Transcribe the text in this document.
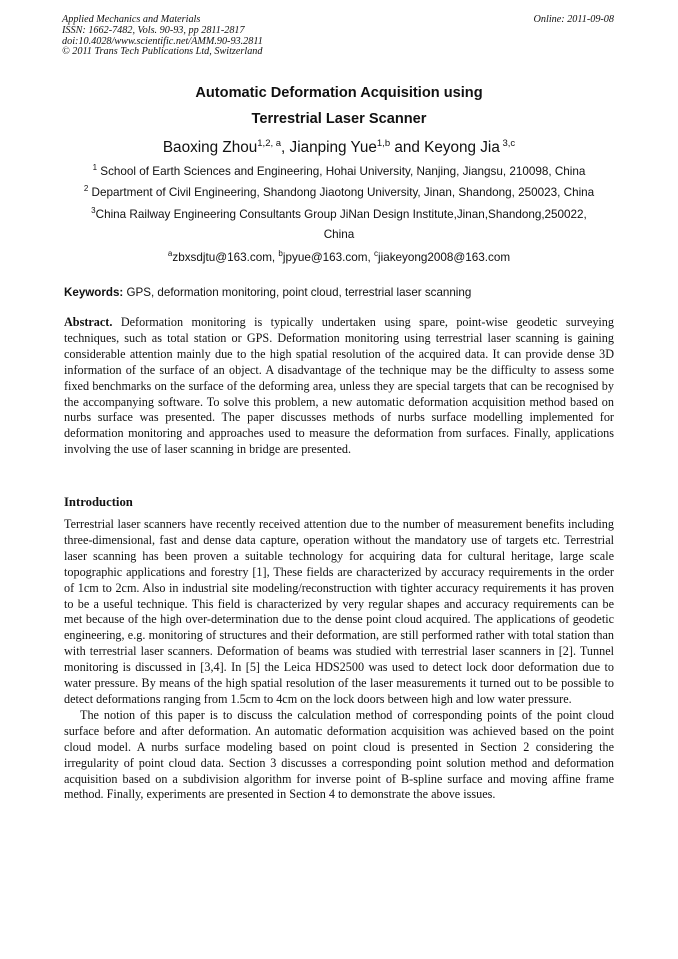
Applied Mechanics and Materials
ISSN: 1662-7482, Vols. 90-93, pp 2811-2817
doi:10.4028/www.scientific.net/AMM.90-93.2811
© 2011 Trans Tech Publications Ltd, Switzerland
Online: 2011-09-08
Automatic Deformation Acquisition using
Terrestrial Laser Scanner
Baoxing Zhou$^{1,2, a}$, Jianping Yue$^{1,b}$ and Keyong Jia $^{3,c}$
$^1$ School of Earth Sciences and Engineering, Hohai University, Nanjing, Jiangsu, 210098, China
$^2$ Department of Civil Engineering, Shandong Jiaotong University, Jinan, Shandong, 250023, China
$^3$China Railway Engineering Consultants Group JiNan Design Institute,Jinan,Shandong,250022,
China
$^a$zbxsdjtu@163.com, $^b$jpyue@163.com, $^c$jiakeyong2008@163.com
Keywords: GPS, deformation monitoring, point cloud, terrestrial laser scanning
Abstract. Deformation monitoring is typically undertaken using spare, point-wise geodetic surveying techniques, such as total station or GPS. Deformation monitoring using terrestrial laser scanning is gaining considerable attention mainly due to the high spatial resolution of the acquired data. It can provide dense 3D information of the surface of an object. A disadvantage of the technique may be the difficulty to assess some fixed benchmarks on the surface of the deforming area, unless they are special targets that can be recognised by the accompanying software. To solve this problem, a new automatic deformation acquisition method based on nurbs surface was presented. The paper discusses methods of nurbs surface modelling implemented for deformation monitoring and approaches used to measure the deformation from surfaces. Finally, applications involving the use of laser scanning in bridge are presented.
Introduction
Terrestrial laser scanners have recently received attention due to the number of measurement benefits including three-dimensional, fast and dense data capture, operation without the mandatory use of targets etc. Terrestrial laser scanning has been proven a suitable technology for acquiring data for cultural heritage, large scale topographic applications and forestry [1], These fields are characterized by accuracy requirements in the order of 1cm to 2cm. Also in industrial site modeling/reconstruction with tighter accuracy requirements it has proven to be a useful technique. This field is characterized by very regular shapes and accuracy requirements can be met because of the high over-determination due to the dense point cloud acquired. The applications of geodetic engineering, e.g. monitoring of structures and their deformation, are still performed rather with total station than with terrestrial laser scanners. Deformation of beams was studied with terrestrial laser scanners in [2]. Tunnel monitoring is discussed in [3,4]. In [5] the Leica HDS2500 was used to detect lock door deformation due to water pressure. By means of the high spatial resolution of the laser measurements it turned out to be possible to detect deformations ranging from 1.5cm to 4cm on the lock doors between high and low water pressure.
The notion of this paper is to discuss the calculation method of corresponding points of the point cloud surface before and after deformation. An automatic deformation acquisition was achieved based on the point cloud model. A nurbs surface modeling based on point cloud is presented in Section 2 considering the irregularity of point cloud data. Section 3 discusses a corresponding point solution method and deformation acquisition based on a subdivision algorithm for inverse point of B-spline surface and moving affine frame method. Finally, experiments are presented in Section 4 to demonstrate the above issues.
